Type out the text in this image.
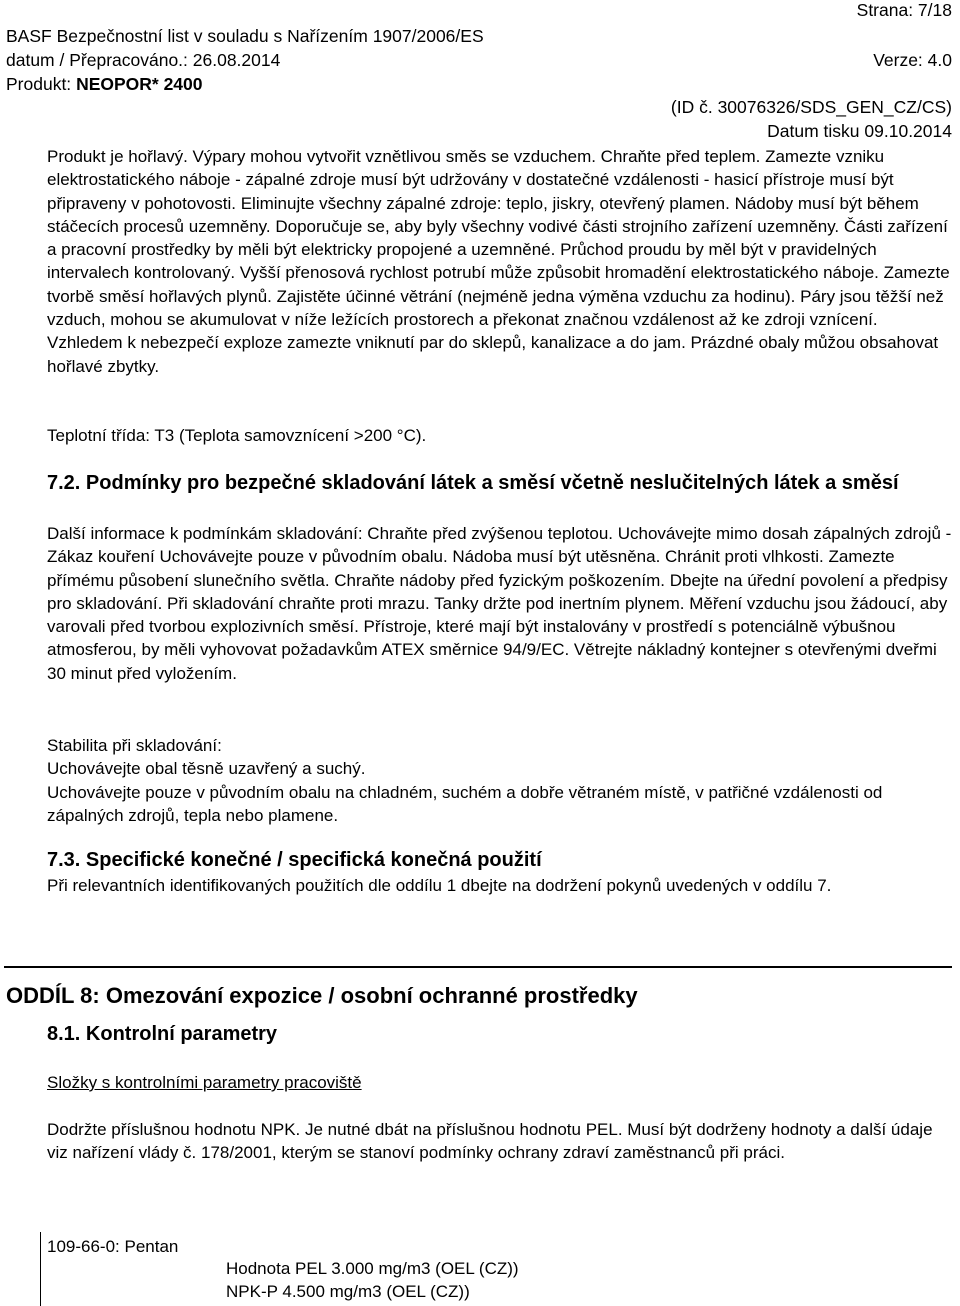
Strana: 7/18
BASF Bezpečnostní list v souladu s Nařízením 1907/2006/ES
datum / Přepracováno.: 26.08.2014	Verze: 4.0
Produkt: NEOPOR* 2400
(ID č. 30076326/SDS_GEN_CZ/CS)
Datum tisku 09.10.2014

Produkt je hořlavý. Výpary mohou vytvořit vznětlivou směs se vzduchem. Chraňte před teplem. Zamezte vzniku elektrostatického náboje - zápalné zdroje musí být udržovány v dostatečné vzdálenosti - hasicí přístroje musí být připraveny v pohotovosti. Eliminujte všechny zápalné zdroje: teplo, jiskry, otevřený plamen. Nádoby musí být během stáčecích procesů uzemněny. Doporučuje se, aby byly všechny vodivé části strojního zařízení uzemněny. Části zařízení a pracovní prostředky by měli být elektricky propojené a uzemněné. Průchod proudu by měl být v pravidelných intervalech kontrolovaný. Vyšší přenosová rychlost potrubí může způsobit hromadění elektrostatického náboje. Zamezte tvorbě směsí hořlavých plynů. Zajistěte účinné větrání (nejméně jedna výměna vzduchu za hodinu). Páry jsou těžší než vzduch, mohou se akumulovat v níže ležících prostorech a překonat značnou vzdálenost až ke zdroji vznícení. Vzhledem k nebezpečí exploze zamezte vniknutí par do sklepů, kanalizace a do jam. Prázdné obaly můžou obsahovat hořlavé zbytky.

Teplotní třída: T3 (Teplota samovznícení >200 °C).

7.2. Podmínky pro bezpečné skladování látek a směsí včetně neslučitelných látek a směsí

Další informace k podmínkám skladování: Chraňte před zvýšenou teplotou. Uchovávejte mimo dosah zápalných zdrojů - Zákaz kouření Uchovávejte pouze v původním obalu. Nádoba musí být utěsněna. Chránit proti vlhkosti. Zamezte přímému působení slunečního světla. Chraňte nádoby před fyzickým poškozením. Dbejte na úřední povolení a předpisy pro skladování. Při skladování chraňte proti mrazu. Tanky držte pod inertním plynem. Měření vzduchu jsou žádoucí, aby varovali před tvorbou explozivních směsí. Přístroje, které mají být instalovány v prostředí s potenciálně výbušnou atmosferou, by měli vyhovovat požadavkům ATEX směrnice 94/9/EC. Větrejte nákladný kontejner s otevřenými dveřmi 30 minut před vyložením.

Stabilita při skladování:

Uchovávejte obal těsně uzavřený a suchý.

Uchovávejte pouze v původním obalu na chladném, suchém a dobře větraném místě, v patřičné vzdálenosti od zápalných zdrojů, tepla nebo plamene.

7.3. Specifické konečné / specifická konečná použití

Při relevantních identifikovaných použitích dle oddílu 1 dbejte na dodržení pokynů uvedených v oddílu 7.

ODDÍL 8: Omezování expozice / osobní ochranné prostředky
8.1. Kontrolní parametry
Složky s kontrolními parametry pracoviště

Dodržte příslušnou hodnotu NPK. Je nutné dbát na příslušnou hodnotu PEL. Musí být dodrženy hodnoty a další údaje viz nařízení vlády č. 178/2001, kterým se stanoví podmínky ochrany zdraví zaměstnanců při práci.

109-66-0: Pentan
Hodnota PEL 3.000 mg/m3 (OEL (CZ))
NPK-P 4.500 mg/m3 (OEL (CZ))
